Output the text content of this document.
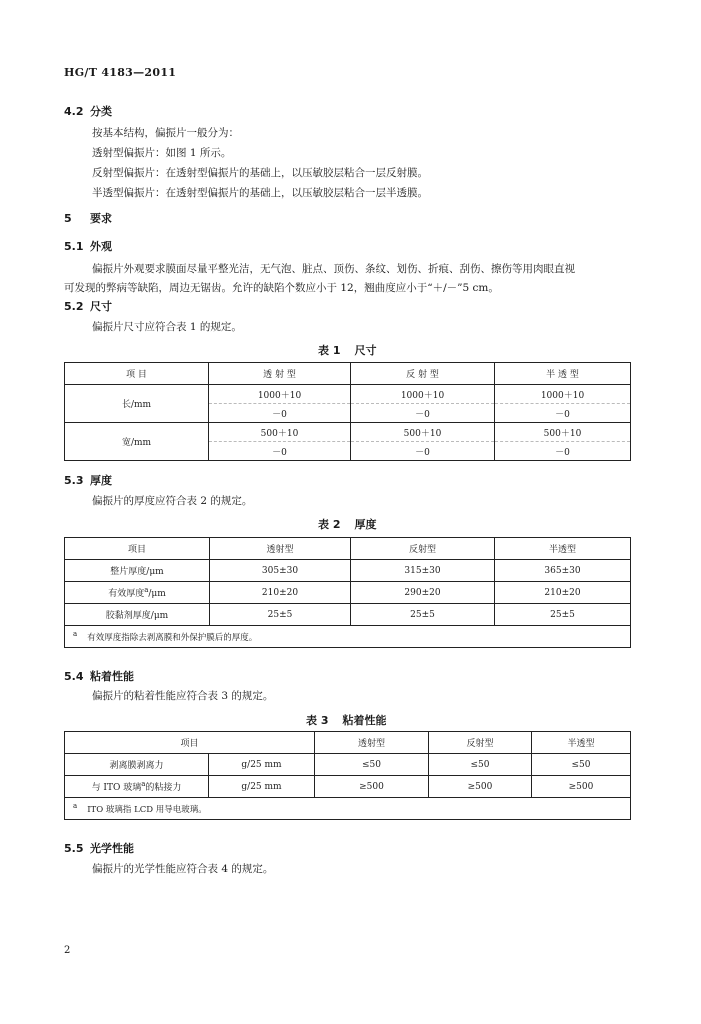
HG/T 4183—2011
4.2 分类
按基本结构，偏振片一般分为：
透射型偏振片：如图 1 所示。
反射型偏振片：在透射型偏振片的基础上，以压敏胶层粘合一层反射膜。
半透型偏振片：在透射型偏振片的基础上，以压敏胶层粘合一层半透膜。
5 要求
5.1 外观
偏振片外观要求膜面尽量平整光洁，无气泡、脏点、顶伤、条纹、划伤、折痕、刮伤、擦伤等用肉眼直视
可发现的弊病等缺陷，周边无锯齿。允许的缺陷个数应小于 12，翘曲度应小于“＋/－”5 cm。
5.2 尺寸
偏振片尺寸应符合表 1 的规定。
表 1 尺寸
项 目	透 射 型	反 射 型	半 透 型
长/mm	1000＋10	1000＋10	1000＋10
	－0	－0	－0
宽/mm	500＋10	500＋10	500＋10
	－0	－0	－0
5.3 厚度
偏振片的厚度应符合表 2 的规定。
表 2 厚度
项目	透射型	反射型	半透型
整片厚度/μm	305±30	315±30	365±30
有效厚度$^a$/μm	210±20	290±20	210±20
胶黏剂厚度/μm	25±5	25±5	25±5
$^a$ 有效厚度指除去剥离膜和外保护膜后的厚度。			
5.4 粘着性能
偏振片的粘着性能应符合表 3 的规定。
表 3 粘着性能
项目		透射型	反射型	半透型
剥离膜剥离力	g/25 mm	≤50	≤50	≤50
与 ITO 玻璃$^a$的粘接力	g/25 mm	≥500	≥500	≥500
$^a$ ITO 玻璃指 LCD 用导电玻璃。				
5.5 光学性能
偏振片的光学性能应符合表 4 的规定。
2
